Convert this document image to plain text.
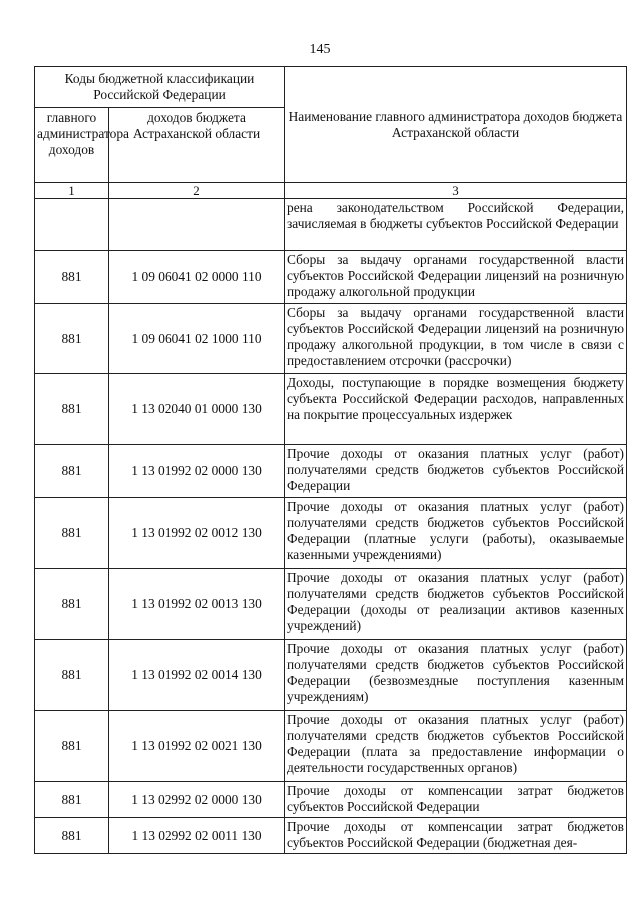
145
Коды бюджетной классификации Российской Федерации		Наименование главного администратора доходов бюджета Астраханской области
главного администратора доходов	доходов бюджета Астраханской области	
1	2	3
		рена законодательством Российской Федерации, зачисляемая в бюджеты субъектов Российской Федерации
881	1 09 06041 02 0000 110	Сборы за выдачу органами государственной власти субъектов Российской Федерации лицензий на розничную продажу алкогольной продукции
881	1 09 06041 02 1000 110	Сборы за выдачу органами государственной власти субъектов Российской Федерации лицензий на розничную продажу алкогольной продукции, в том числе в связи с предоставлением отсрочки (рассрочки)
881	1 13 02040 01 0000 130	Доходы, поступающие в порядке возмещения бюджету субъекта Российской Федерации расходов, направленных на покрытие процессуальных издержек
881	1 13 01992 02 0000 130	Прочие доходы от оказания платных услуг (работ) получателями средств бюджетов субъектов Российской Федерации
881	1 13 01992 02 0012 130	Прочие доходы от оказания платных услуг (работ) получателями средств бюджетов субъектов Российской Федерации (платные услуги (работы), оказываемые казенными учреждениями)
881	1 13 01992 02 0013 130	Прочие доходы от оказания платных услуг (работ) получателями средств бюджетов субъектов Российской Федерации (доходы от реализации активов казенных учреждений)
881	1 13 01992 02 0014 130	Прочие доходы от оказания платных услуг (работ) получателями средств бюджетов субъектов Российской Федерации (безвозмездные поступления казенным учреждениям)
881	1 13 01992 02 0021 130	Прочие доходы от оказания платных услуг (работ) получателями средств бюджетов субъектов Российской Федерации (плата за предоставление информации о деятельности государственных органов)
881	1 13 02992 02 0000 130	Прочие доходы от компенсации затрат бюджетов субъектов Российской Федерации
881	1 13 02992 02 0011 130	Прочие доходы от компенсации затрат бюджетов субъектов Российской Федерации (бюджетная дея-
